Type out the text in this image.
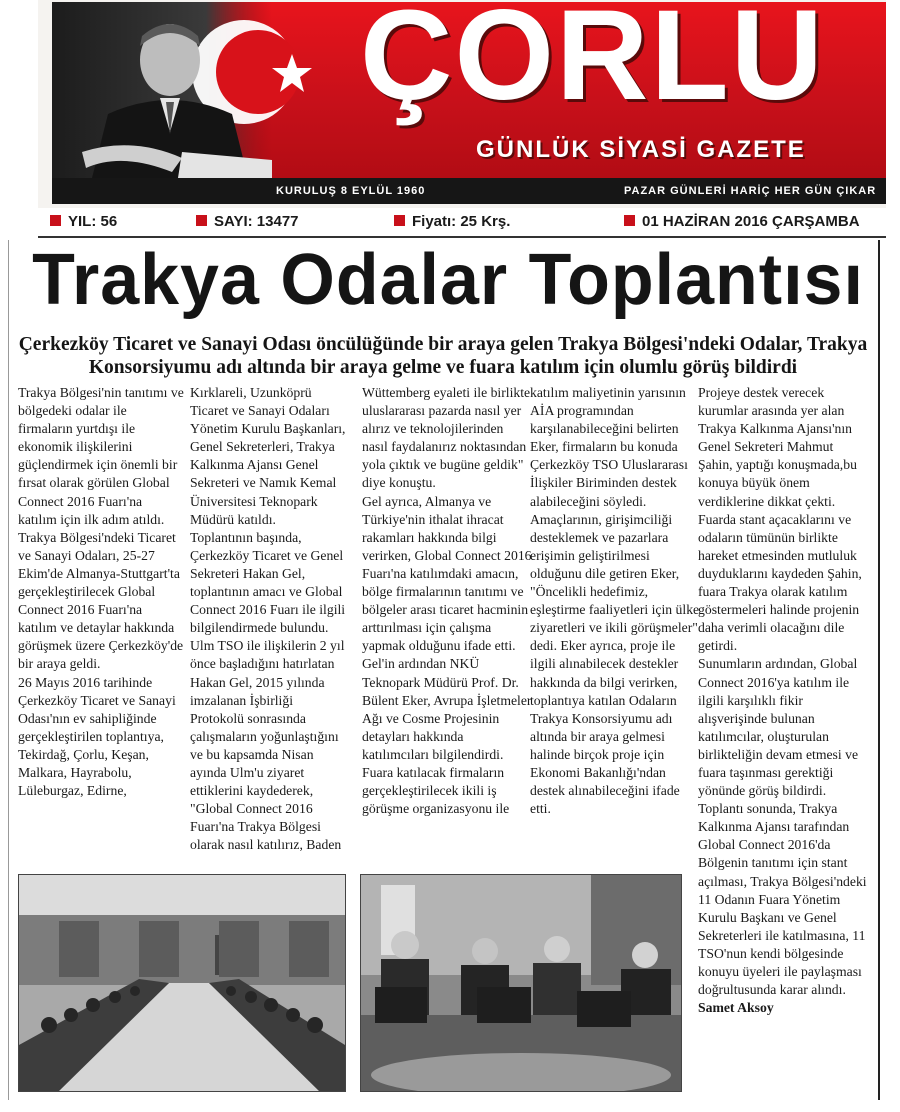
ÇORLU
GÜNLÜK SİYASİ GAZETE
KURULUŞ 8 EYLÜL 1960	PAZAR GÜNLERİ HARİÇ HER GÜN ÇIKAR
YIL: 56	SAYI: 13477	Fiyatı: 25 Krş.	01 HAZİRAN 2016 ÇARŞAMBA
Trakya Odalar Toplantısı
Çerkezköy Ticaret ve Sanayi Odası öncülüğünde bir araya gelen Trakya Bölgesi'ndeki Odalar, Trakya Konsorsiyumu adı altında bir araya gelme ve fuara katılım için olumlu görüş bildirdi

Trakya Bölgesi'nin tanıtımı ve bölgedeki odalar ile firmaların yurtdışı ile ekonomik ilişkilerini güçlendirmek için önemli bir fırsat olarak görülen Global Connect 2016 Fuarı'na katılım için ilk adım atıldı.
Trakya Bölgesi'ndeki Ticaret ve Sanayi Odaları, 25-27 Ekim'de Almanya-Stuttgart'ta gerçekleştirilecek Global Connect 2016 Fuarı'na katılım ve detaylar hakkında görüşmek üzere Çerkezköy'de bir araya geldi.
26 Mayıs 2016 tarihinde Çerkezköy Ticaret ve Sanayi Odası'nın ev sahipliğinde gerçekleştirilen toplantıya, Tekirdağ, Çorlu, Keşan, Malkara, Hayrabolu, Lüleburgaz, Edirne,

Kırklareli, Uzunköprü Ticaret ve Sanayi Odaları Yönetim Kurulu Başkanları, Genel Sekreterleri, Trakya Kalkınma Ajansı Genel Sekreteri ve Namık Kemal Üniversitesi Teknopark Müdürü katıldı.
Toplantının başında, Çerkezköy Ticaret ve Genel Sekreteri Hakan Gel, toplantının amacı ve Global Connect 2016 Fuarı ile ilgili bilgilendirmede bulundu. Ulm TSO ile ilişkilerin 2 yıl önce başladığını hatırlatan Hakan Gel, 2015 yılında imzalanan İşbirliği Protokolü sonrasında çalışmaların yoğunlaştığını ve bu kapsamda Nisan ayında Ulm'u ziyaret ettiklerini kaydederek, "Global Connect 2016 Fuarı'na Trakya Bölgesi olarak nasıl katılırız, Baden

Wüttemberg eyaleti ile birlikte uluslararası pazarda nasıl yer alırız ve teknolojilerinden nasıl faydalanırız noktasından yola çıktık ve bugüne geldik" diye konuştu.
Gel ayrıca, Almanya ve Türkiye'nin ithalat ihracat rakamları hakkında bilgi verirken, Global Connect 2016 Fuarı'na katılımdaki amacın, bölge firmalarının tanıtımı ve bölgeler arası ticaret hacminin arttırılması için çalışma yapmak olduğunu ifade etti.
Gel'in ardından NKÜ Teknopark Müdürü Prof. Dr. Bülent Eker, Avrupa İşletmeler Ağı ve Cosme Projesinin detayları hakkında katılımcıları bilgilendirdi. Fuara katılacak firmaların gerçekleştirilecek ikili iş görüşme organizasyonu ile

katılım maliyetinin yarısının AİA programından karşılanabileceğini belirten Eker, firmaların bu konuda Çerkezköy TSO Uluslararası İlişkiler Biriminden destek alabileceğini söyledi.
Amaçlarının, girişimciliği desteklemek ve pazarlara erişimin geliştirilmesi olduğunu dile getiren Eker, "Öncelikli hedefimiz, eşleştirme faaliyetleri için ülke ziyaretleri ve ikili görüşmeler" dedi. Eker ayrıca, proje ile ilgili alınabilecek destekler hakkında da bilgi verirken, toplantıya katılan Odaların Trakya Konsorsiyumu adı altında bir araya gelmesi halinde birçok proje için Ekonomi Bakanlığı'ndan destek alınabileceğini ifade etti.

Projeye destek verecek kurumlar arasında yer alan Trakya Kalkınma Ajansı'nın Genel Sekreteri Mahmut Şahin, yaptığı konuşmada,bu konuya büyük önem verdiklerine dikkat çekti.
Fuarda stant açacaklarını ve odaların tümünün birlikte hareket etmesinden mutluluk duyduklarını kaydeden Şahin, fuara Trakya olarak katılım göstermeleri halinde projenin daha verimli olacağını dile getirdi.
Sunumların ardından, Global Connect 2016'ya katılım ile ilgili karşılıklı fikir alışverişinde bulunan katılımcılar, oluşturulan birlikteliğin devam etmesi ve fuara taşınması gerektiği yönünde görüş bildirdi.
Toplantı sonunda, Trakya Kalkınma Ajansı tarafından Global Connect 2016'da Bölgenin tanıtımı için stant açılması, Trakya Bölgesi'ndeki 11 Odanın Fuara Yönetim Kurulu Başkanı ve Genel Sekreterleri ile katılmasına, 11 TSO'nun kendi bölgesinde konuyu üyeleri ile paylaşması doğrultusunda karar alındı.

Samet Aksoy
